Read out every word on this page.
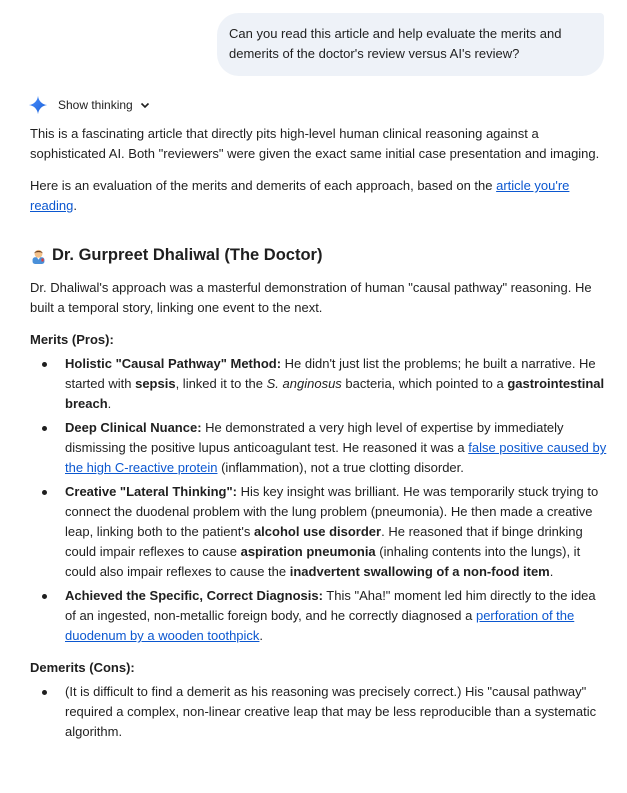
Can you read this article and help evaluate the merits and demerits of the doctor's review versus AI's review?
Show thinking

This is a fascinating article that directly pits high-level human clinical reasoning against a sophisticated AI. Both "reviewers" were given the exact same initial case presentation and imaging.

Here is an evaluation of the merits and demerits of each approach, based on the article you're reading.

Dr. Gurpreet Dhaliwal (The Doctor)

Dr. Dhaliwal's approach was a masterful demonstration of human "causal pathway" reasoning. He built a temporal story, linking one event to the next.

Merits (Pros):
Holistic "Causal Pathway" Method: He didn't just list the problems; he built a narrative. He started with sepsis, linked it to the S. anginosus bacteria, which pointed to a gastrointestinal breach.
Deep Clinical Nuance: He demonstrated a very high level of expertise by immediately dismissing the positive lupus anticoagulant test. He reasoned it was a false positive caused by the high C-reactive protein (inflammation), not a true clotting disorder.
Creative "Lateral Thinking": His key insight was brilliant. He was temporarily stuck trying to connect the duodenal problem with the lung problem (pneumonia). He then made a creative leap, linking both to the patient's alcohol use disorder. He reasoned that if binge drinking could impair reflexes to cause aspiration pneumonia (inhaling contents into the lungs), it could also impair reflexes to cause the inadvertent swallowing of a non-food item.
Achieved the Specific, Correct Diagnosis: This "Aha!" moment led him directly to the idea of an ingested, non-metallic foreign body, and he correctly diagnosed a perforation of the duodenum by a wooden toothpick.
Demerits (Cons):
(It is difficult to find a demerit as his reasoning was precisely correct.) His "causal pathway" required a complex, non-linear creative leap that may be less reproducible than a systematic algorithm.
